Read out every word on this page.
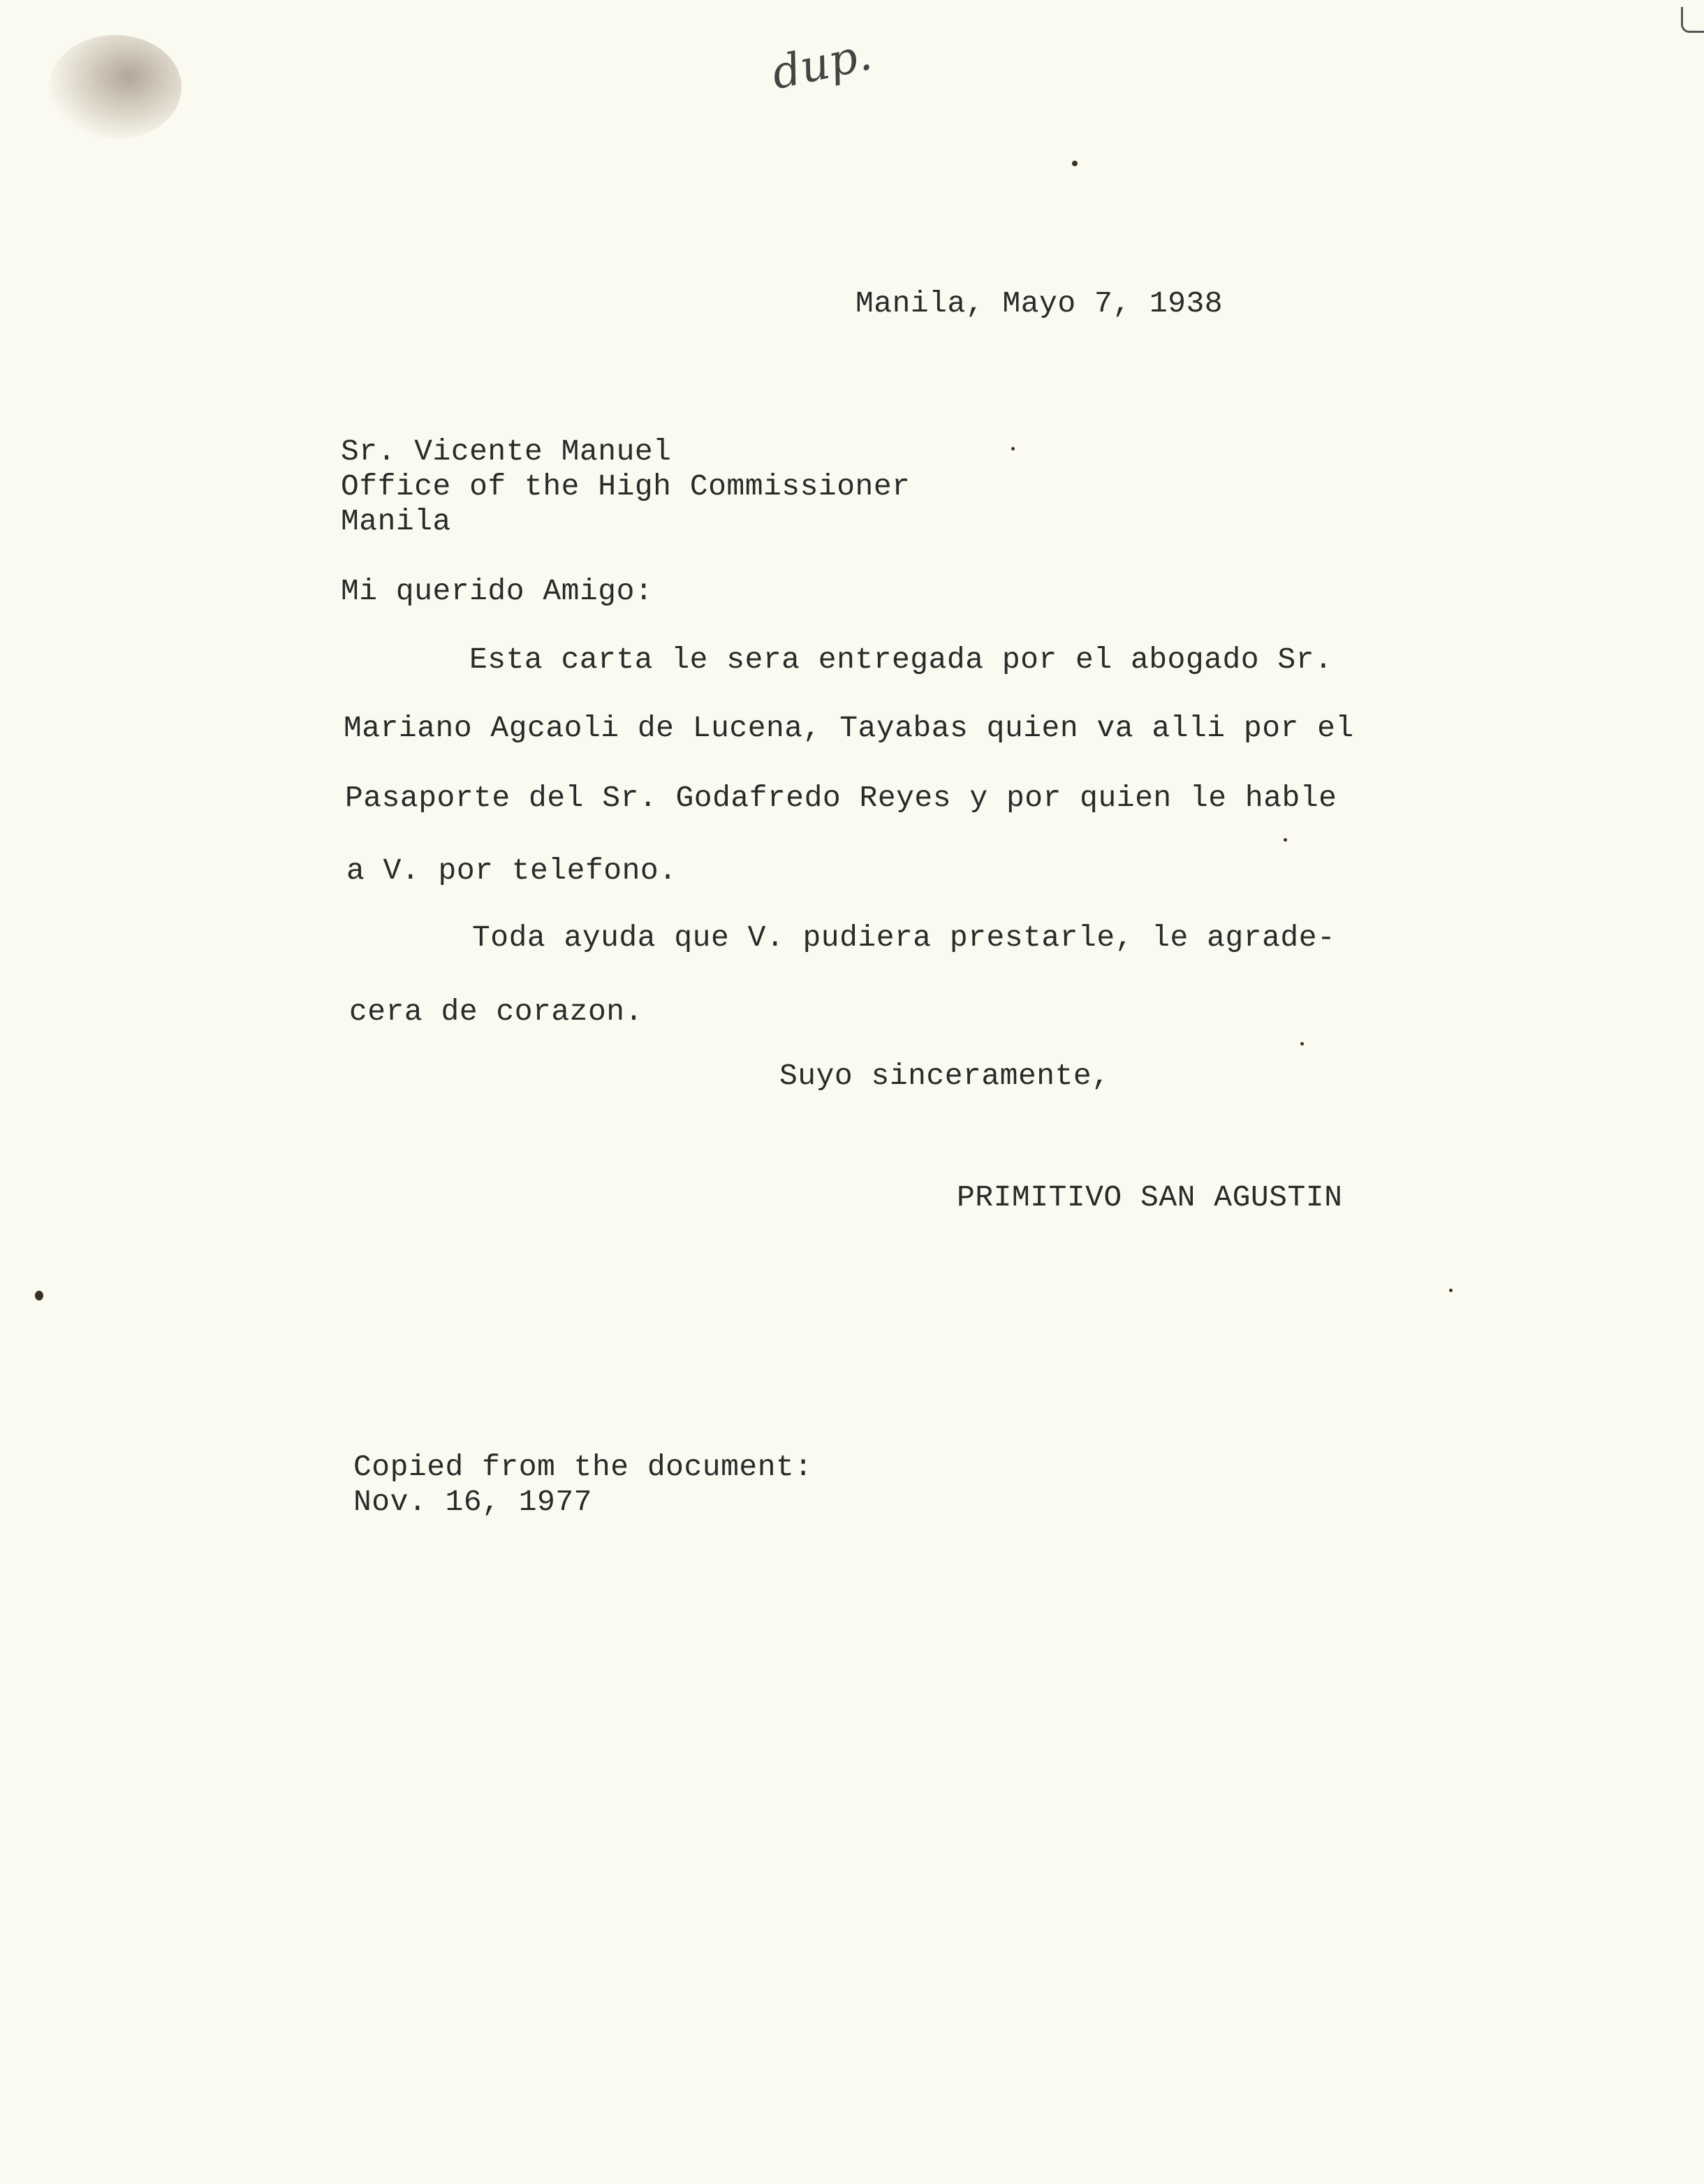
dup.
Manila, Mayo 7, 1938
Sr. Vicente Manuel
Office of the High Commissioner
Manila
Mi querido Amigo:
Esta carta le sera entregada por el abogado Sr.
Mariano Agcaoli de Lucena, Tayabas quien va alli por el
Pasaporte del Sr. Godafredo Reyes y por quien le hable
a V. por telefono.
Toda ayuda que V. pudiera prestarle, le agrade-
cera de corazon.
Suyo sinceramente,
PRIMITIVO SAN AGUSTIN
Copied from the document:
Nov. 16, 1977
